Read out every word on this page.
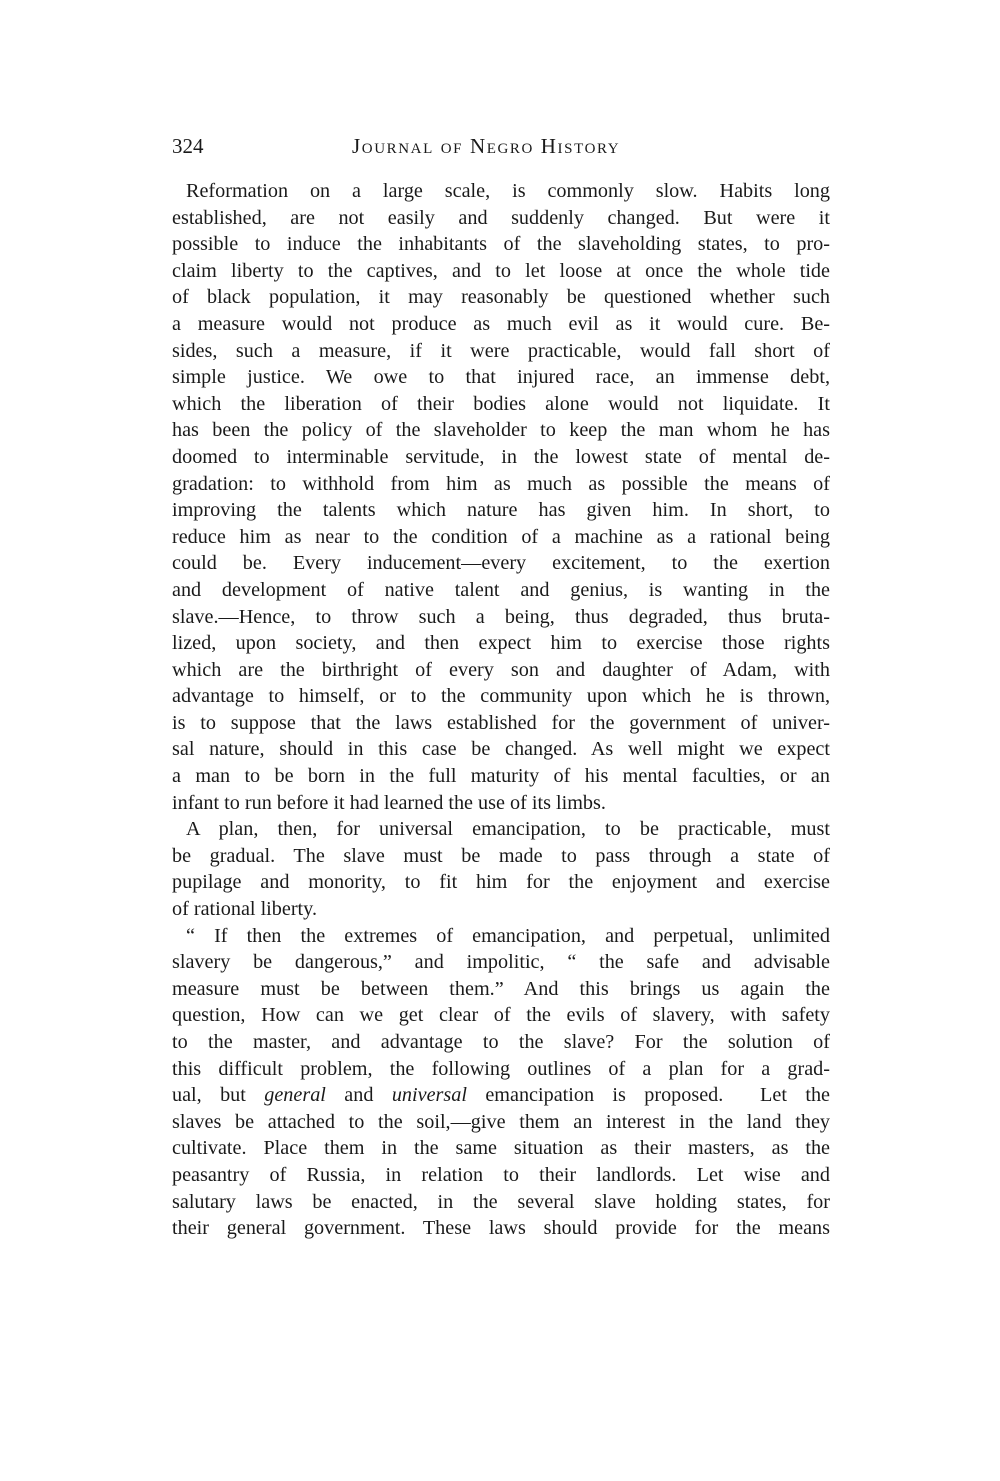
324	Journal of Negro History
Reformation on a large scale, is commonly slow. Habits long
established, are not easily and suddenly changed. But were it
possible to induce the inhabitants of the slaveholding states, to pro-
claim liberty to the captives, and to let loose at once the whole tide
of black population, it may reasonably be questioned whether such
a measure would not produce as much evil as it would cure. Be-
sides, such a measure, if it were practicable, would fall short of
simple justice. We owe to that injured race, an immense debt,
which the liberation of their bodies alone would not liquidate. It
has been the policy of the slaveholder to keep the man whom he has
doomed to interminable servitude, in the lowest state of mental de-
gradation: to withhold from him as much as possible the means of
improving the talents which nature has given him. In short, to
reduce him as near to the condition of a machine as a rational being
could be. Every inducement—every excitement, to the exertion
and development of native talent and genius, is wanting in the
slave.—Hence, to throw such a being, thus degraded, thus bruta-
lized, upon society, and then expect him to exercise those rights
which are the birthright of every son and daughter of Adam, with
advantage to himself, or to the community upon which he is thrown,
is to suppose that the laws established for the government of univer-
sal nature, should in this case be changed. As well might we expect
a man to be born in the full maturity of his mental faculties, or an
infant to run before it had learned the use of its limbs.
A plan, then, for universal emancipation, to be practicable, must
be gradual. The slave must be made to pass through a state of
pupilage and monority, to fit him for the enjoyment and exercise
of rational liberty.
“ If then the extremes of emancipation, and perpetual, unlimited
slavery be dangerous,” and impolitic, “ the safe and advisable
measure must be between them.” And this brings us again the
question, How can we get clear of the evils of slavery, with safety
to the master, and advantage to the slave? For the solution of
this difficult problem, the following outlines of a plan for a grad-
ual, but general and universal emancipation is proposed.  Let the
slaves be attached to the soil,—give them an interest in the land they
cultivate. Place them in the same situation as their masters, as the
peasantry of Russia, in relation to their landlords. Let wise and
salutary laws be enacted, in the several slave holding states, for
their general government. These laws should provide for the means
